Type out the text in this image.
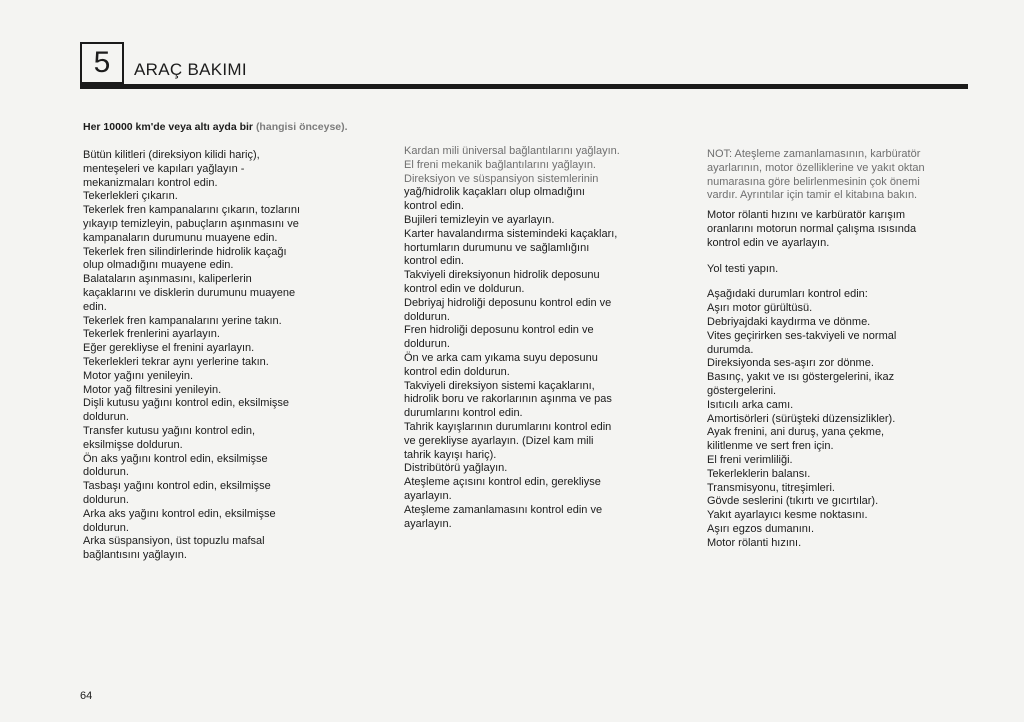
5 ARAÇ BAKIMI
Her 10000 km'de veya altı ayda bir (hangisi önceyse).

Bütün kilitleri (direksiyon kilidi hariç),

menteşeleri ve kapıları yağlayın -

mekanizmaları kontrol edin.

Tekerlekleri çıkarın.

Tekerlek fren kampanalarını çıkarın, tozlarını

yıkayıp temizleyin, pabuçların aşınmasını ve

kampanaların durumunu muayene edin.

Tekerlek fren silindirlerinde hidrolik kaçağı

olup olmadığını muayene edin.

Balataların aşınmasını, kaliperlerin

kaçaklarını ve disklerin durumunu muayene

edin.

Tekerlek fren kampanalarını yerine takın.

Tekerlek frenlerini ayarlayın.

Eğer gerekliyse el frenini ayarlayın.

Tekerlekleri tekrar aynı yerlerine takın.

Motor yağını yenileyin.

Motor yağ filtresini yenileyin.

Dişli kutusu yağını kontrol edin, eksilmişse

doldurun.

Transfer kutusu yağını kontrol edin,

eksilmişse doldurun.

Ön aks yağını kontrol edin, eksilmişse

doldurun.

Tasbaşı yağını kontrol edin, eksilmişse

doldurun.

Arka aks yağını kontrol edin, eksilmişse

doldurun.

Arka süspansiyon, üst topuzlu mafsal

bağlantısını yağlayın.

Kardan mili üniversal bağlantılarını yağlayın.

El freni mekanik bağlantılarını yağlayın.

Direksiyon ve süspansiyon sistemlerinin

yağ/hidrolik kaçakları olup olmadığını

kontrol edin.

Bujileri temizleyin ve ayarlayın.

Karter havalandırma sistemindeki kaçakları,

hortumların durumunu ve sağlamlığını

kontrol edin.

Takviyeli direksiyonun hidrolik deposunu

kontrol edin ve doldurun.

Debriyaj hidroliği deposunu kontrol edin ve

doldurun.

Fren hidroliği deposunu kontrol edin ve

doldurun.

Ön ve arka cam yıkama suyu deposunu

kontrol edin doldurun.

Takviyeli direksiyon sistemi kaçaklarını,

hidrolik boru ve rakorlarının aşınma ve pas

durumlarını kontrol edin.

Tahrik kayışlarının durumlarını kontrol edin

ve gerekliyse ayarlayın. (Dizel kam mili

tahrik kayışı hariç).

Distribütörü yağlayın.

Ateşleme açısını kontrol edin, gerekliyse

ayarlayın.

Ateşleme zamanlamasını kontrol edin ve

ayarlayın.

NOT: Ateşleme zamanlamasının, karbüratör

ayarlarının, motor özelliklerine ve yakıt oktan

numarasına göre belirlenmesinin çok önemi

vardır. Ayrıntılar için tamir el kitabına bakın.

Motor rölanti hızını ve karbüratör karışım

oranlarını motorun normal çalışma ısısında

kontrol edin ve ayarlayın.

Yol testi yapın.

Aşağıdaki durumları kontrol edin:

Aşırı motor gürültüsü.

Debriyajdaki kaydırma ve dönme.

Vites geçirirken ses-takviyeli ve normal

durumda.

Direksiyonda ses-aşırı zor dönme.

Basınç, yakıt ve ısı göstergelerini, ikaz

göstergelerini.

Isıtıcılı arka camı.

Amortisörleri (sürüşteki düzensizlikler).

Ayak frenini, ani duruş, yana çekme,

kilitlenme ve sert fren için.

El freni verimliliği.

Tekerleklerin balansı.

Transmisyonu, titreşimleri.

Gövde seslerini (tıkırtı ve gıcırtılar).

Yakıt ayarlayıcı kesme noktasını.

Aşırı egzos dumanını.

Motor rölanti hızını.

64
